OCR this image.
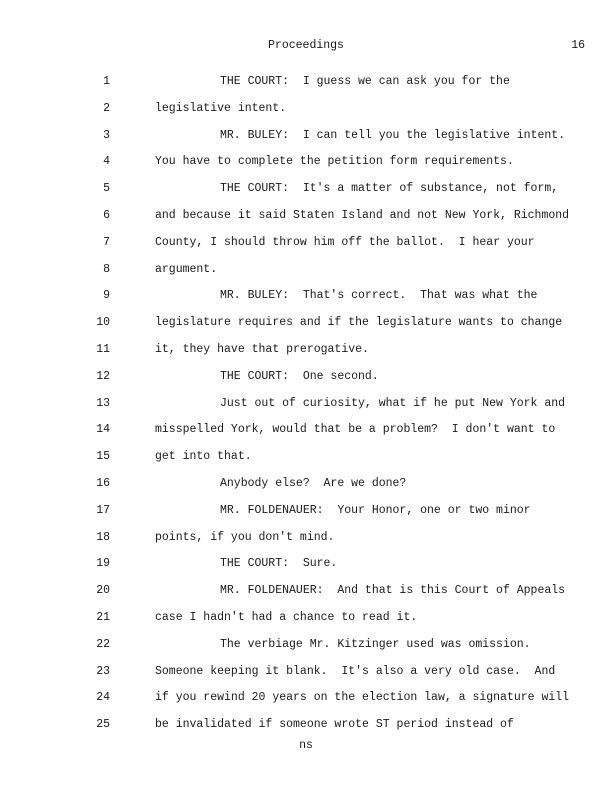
Proceedings	16
1	THE COURT:  I guess we can ask you for the
2	legislative intent.
3	MR. BULEY:  I can tell you the legislative intent.
4	You have to complete the petition form requirements.
5	THE COURT:  It's a matter of substance, not form,
6	and because it said Staten Island and not New York, Richmond
7	County, I should throw him off the ballot.  I hear your
8	argument.
9	MR. BULEY:  That's correct.  That was what the
10	legislature requires and if the legislature wants to change
11	it, they have that prerogative.
12	THE COURT:  One second.
13	Just out of curiosity, what if he put New York and
14	misspelled York, would that be a problem?  I don't want to
15	get into that.
16	Anybody else?  Are we done?
17	MR. FOLDENAUER:  Your Honor, one or two minor
18	points, if you don't mind.
19	THE COURT:  Sure.
20	MR. FOLDENAUER:  And that is this Court of Appeals
21	case I hadn't had a chance to read it.
22	The verbiage Mr. Kitzinger used was omission.
23	Someone keeping it blank.  It's also a very old case.  And
24	if you rewind 20 years on the election law, a signature will
25	be invalidated if someone wrote ST period instead of
ns
